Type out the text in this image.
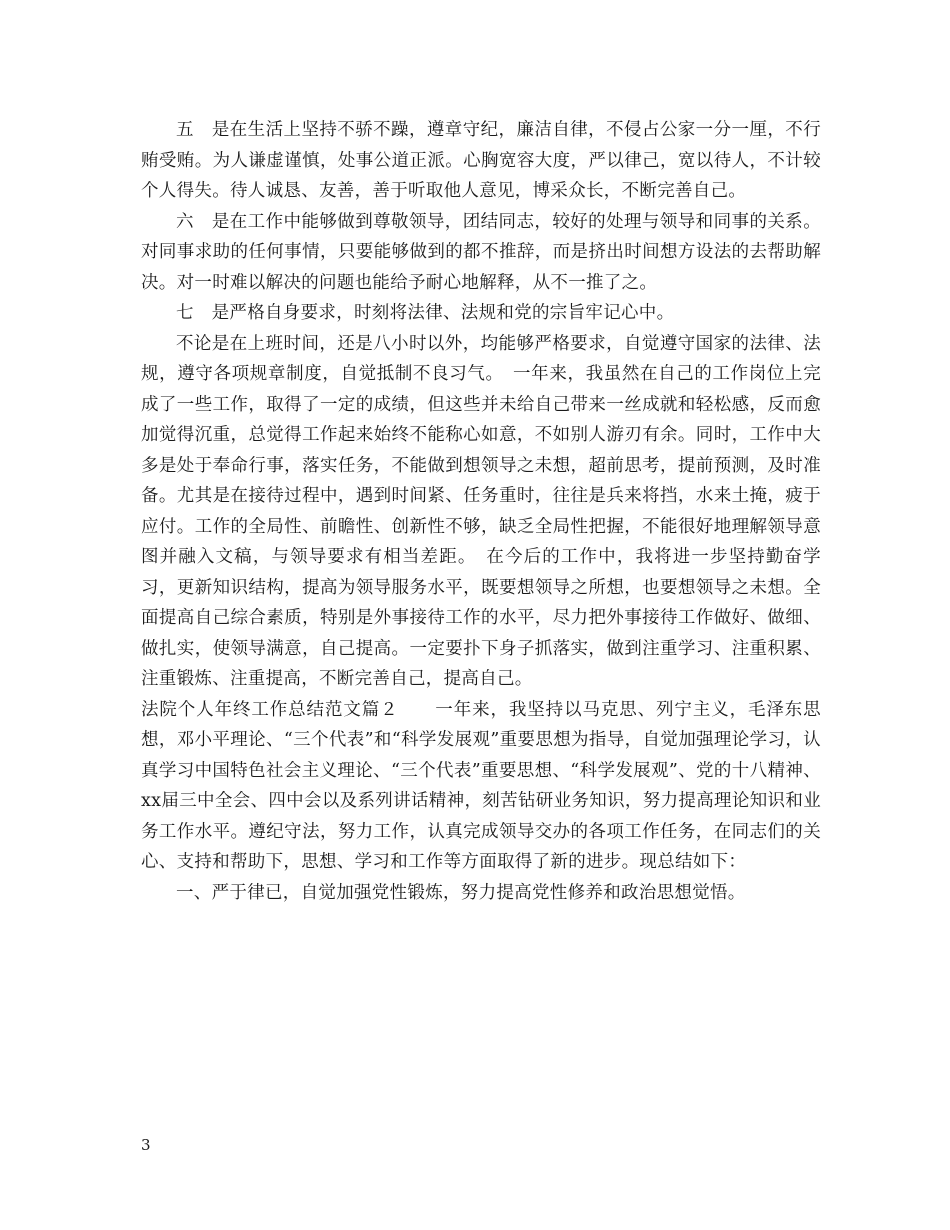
五　是在生活上坚持不骄不躁，遵章守纪，廉洁自律，不侵占公家一分一厘，不行贿受贿。为人谦虚谨慎，处事公道正派。心胸宽容大度，严以律己，宽以待人，不计较个人得失。待人诚恳、友善，善于听取他人意见，博采众长，不断完善自己。

六　是在工作中能够做到尊敬领导，团结同志，较好的处理与领导和同事的关系。对同事求助的任何事情，只要能够做到的都不推辞，而是挤出时间想方设法的去帮助解决。对一时难以解决的问题也能给予耐心地解释，从不一推了之。

七　是严格自身要求，时刻将法律、法规和党的宗旨牢记心中。

不论是在上班时间，还是八小时以外，均能够严格要求，自觉遵守国家的法律、法规，遵守各项规章制度，自觉抵制不良习气。　一年来，我虽然在自己的工作岗位上完成了一些工作，取得了一定的成绩，但这些并未给自己带来一丝成就和轻松感，反而愈加觉得沉重，总觉得工作起来始终不能称心如意，不如别人游刃有余。同时，工作中大多是处于奉命行事，落实任务，不能做到想领导之未想，超前思考，提前预测，及时准备。尤其是在接待过程中，遇到时间紧、任务重时，往往是兵来将挡，水来土掩，疲于应付。工作的全局性、前瞻性、创新性不够，缺乏全局性把握，不能很好地理解领导意图并融入文稿，与领导要求有相当差距。　在今后的工作中，我将进一步坚持勤奋学习，更新知识结构，提高为领导服务水平，既要想领导之所想，也要想领导之未想。全面提高自己综合素质，特别是外事接待工作的水平，尽力把外事接待工作做好、做细、做扎实，使领导满意，自己提高。一定要扑下身子抓落实，做到注重学习、注重积累、注重锻炼、注重提高，不断完善自己，提高自己。

法院个人年终工作总结范文篇２　　一年来，我坚持以马克思、列宁主义，毛泽东思想，邓小平理论、“三个代表”和“科学发展观”重要思想为指导，自觉加强理论学习，认真学习中国特色社会主义理论、“三个代表”重要思想、“科学发展观”、党的十八精神、xx届三中全会、四中会以及系列讲话精神，刻苦钻研业务知识，努力提高理论知识和业务工作水平。遵纪守法，努力工作，认真完成领导交办的各项工作任务，在同志们的关心、支持和帮助下，思想、学习和工作等方面取得了新的进步。现总结如下：

一、严于律已，自觉加强党性锻炼，努力提高党性修养和政治思想觉悟。

3
